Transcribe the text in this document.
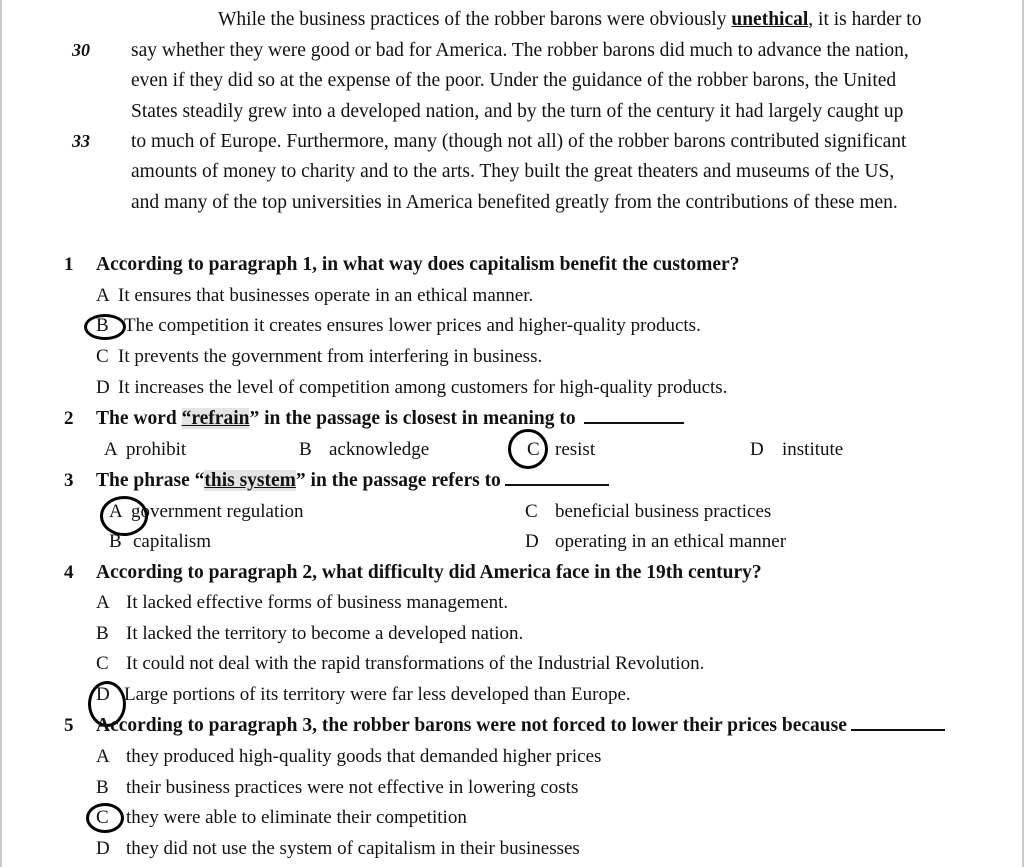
While the business practices of the robber barons were obviously unethical, it is harder to
30 say whether they were good or bad for America. The robber barons did much to advance the nation,
even if they did so at the expense of the poor. Under the guidance of the robber barons, the United
States steadily grew into a developed nation, and by the turn of the century it had largely caught up
33 to much of Europe. Furthermore, many (though not all) of the robber barons contributed significant
amounts of money to charity and to the arts. They built the great theaters and museums of the US,
and many of the top universities in America benefited greatly from the contributions of these men.
1 According to paragraph 1, in what way does capitalism benefit the customer?
A It ensures that businesses operate in an ethical manner.
B The competition it creates ensures lower prices and higher-quality products.
C It prevents the government from interfering in business.
D It increases the level of competition among customers for high-quality products.
2 The word “refrain” in the passage is closest in meaning to
A prohibit	B acknowledge	C resist	D institute
3 The phrase “this system” in the passage refers to
A government regulation
B capitalism
C beneficial business practices
D operating in an ethical manner
4 According to paragraph 2, what difficulty did America face in the 19th century?
A It lacked effective forms of business management.
B It lacked the territory to become a developed nation.
C It could not deal with the rapid transformations of the Industrial Revolution.
D Large portions of its territory were far less developed than Europe.
5 According to paragraph 3, the robber barons were not forced to lower their prices because
A they produced high-quality goods that demanded higher prices
B their business practices were not effective in lowering costs
C they were able to eliminate their competition
D they did not use the system of capitalism in their businesses
